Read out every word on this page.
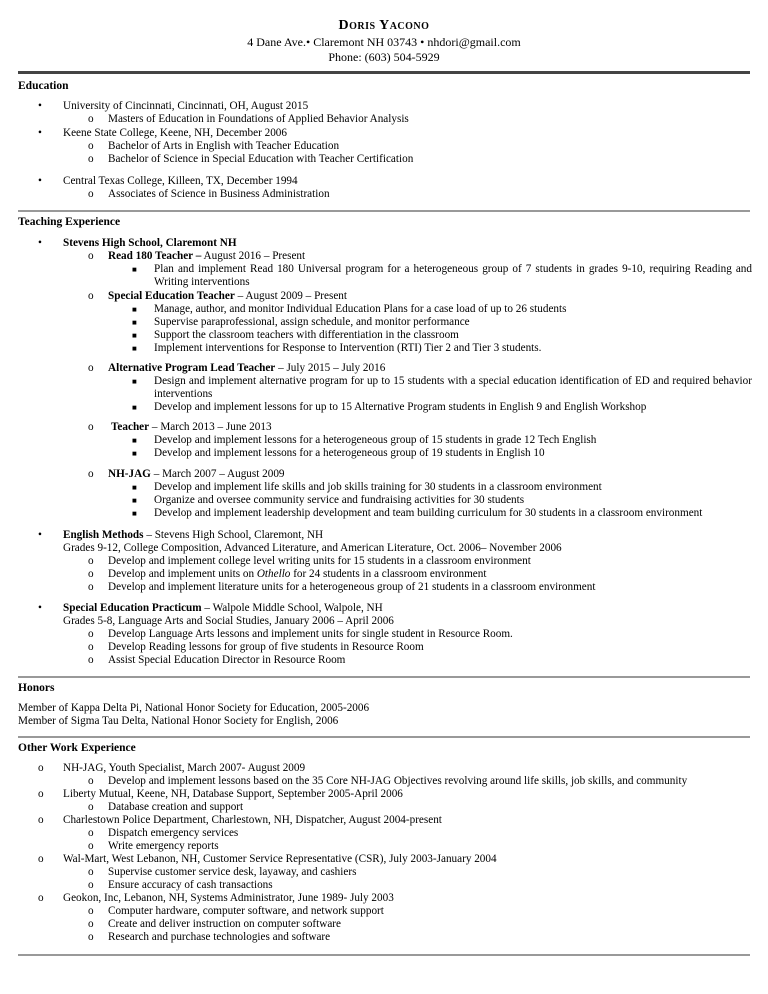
Doris Yacono
4 Dane Ave.• Claremont NH 03743 • nhdori@gmail.com
Phone: (603) 504-5929
Education
• University of Cincinnati, Cincinnati, OH, August 2015
o Masters of Education in Foundations of Applied Behavior Analysis
• Keene State College, Keene, NH, December 2006
o Bachelor of Arts in English with Teacher Education
o Bachelor of Science in Special Education with Teacher Certification
• Central Texas College, Killeen, TX, December 1994
o Associates of Science in Business Administration
Teaching Experience
• Stevens High School, Claremont NH
o Read 180 Teacher – August 2016 – Present
■ Plan and implement Read 180 Universal program for a heterogeneous group of 7 students in grades 9-10, requiring Reading and Writing interventions
o Special Education Teacher – August 2009 – Present
■ Manage, author, and monitor Individual Education Plans for a case load of up to 26 students
■ Supervise paraprofessional, assign schedule, and monitor performance
■ Support the classroom teachers with differentiation in the classroom
■ Implement interventions for Response to Intervention (RTI) Tier 2 and Tier 3 students.
o Alternative Program Lead Teacher – July 2015 – July 2016
■ Design and implement alternative program for up to 15 students with a special education identification of ED and required behavior interventions
■ Develop and implement lessons for up to 15 Alternative Program students in English 9 and English Workshop
o Teacher – March 2013 – June 2013
■ Develop and implement lessons for a heterogeneous group of 15 students in grade 12 Tech English
■ Develop and implement lessons for a heterogeneous group of 19 students in English 10
o NH-JAG – March 2007 – August 2009
■ Develop and implement life skills and job skills training for 30 students in a classroom environment
■ Organize and oversee community service and fundraising activities for 30 students
■ Develop and implement leadership development and team building curriculum for 30 students in a classroom environment
• English Methods – Stevens High School, Claremont, NH
Grades 9-12, College Composition, Advanced Literature, and American Literature, Oct. 2006– November 2006
o Develop and implement college level writing units for 15 students in a classroom environment
o Develop and implement units on Othello for 24 students in a classroom environment
o Develop and implement literature units for a heterogeneous group of 21 students in a classroom environment
• Special Education Practicum – Walpole Middle School, Walpole, NH
Grades 5-8, Language Arts and Social Studies, January 2006 – April 2006
o Develop Language Arts lessons and implement units for single student in Resource Room.
o Develop Reading lessons for group of five students in Resource Room
o Assist Special Education Director in Resource Room
Honors
Member of Kappa Delta Pi, National Honor Society for Education, 2005-2006
Member of Sigma Tau Delta, National Honor Society for English, 2006
Other Work Experience
o NH-JAG, Youth Specialist, March 2007- August 2009
o Develop and implement lessons based on the 35 Core NH-JAG Objectives revolving around life skills, job skills, and community
o Liberty Mutual, Keene, NH, Database Support, September 2005-April 2006
o Database creation and support
o Charlestown Police Department, Charlestown, NH, Dispatcher, August 2004-present
o Dispatch emergency services
o Write emergency reports
o Wal-Mart, West Lebanon, NH, Customer Service Representative (CSR), July 2003-January 2004
o Supervise customer service desk, layaway, and cashiers
o Ensure accuracy of cash transactions
o Geokon, Inc, Lebanon, NH, Systems Administrator, June 1989- July 2003
o Computer hardware, computer software, and network support
o Create and deliver instruction on computer software
o Research and purchase technologies and software
